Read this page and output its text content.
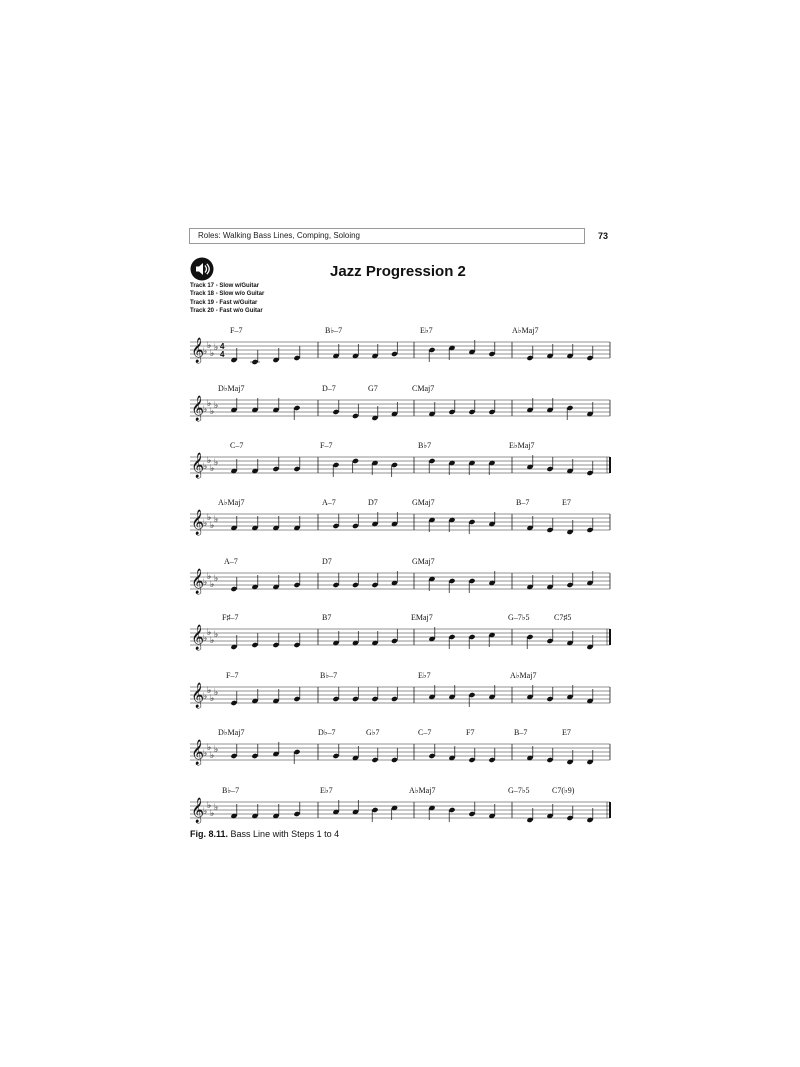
Roles: Walking Bass Lines, Comping, Soloing	73
Jazz Progression 2
Track 17 - Slow w/Guitar
Track 18 - Slow w/o Guitar
Track 19 - Fast w/Guitar
Track 20 - Fast w/o Guitar
𝄞
♭
♭
♭
♭ 4
4
F–7	B♭–7	E♭7	A♭Maj7
𝄞
♭
♭
♭
♭
D♭Maj7	D–7	G7	CMaj7
𝄞
♭
♭
♭
♭
C–7	F–7	B♭7	E♭Maj7
𝄞
♭
♭
♭
♭
A♭Maj7	A–7	D7	GMaj7	B–7	E7
𝄞
♭
♭
♭
♭
A–7	D7	GMaj7
𝄞
♭
♭
♭
♭
F♯–7	B7	EMaj7	G–7♭5	C7♯5
𝄞
♭
♭
♭
♭
F–7	B♭–7	E♭7	A♭Maj7
𝄞
♭
♭
♭
♭
D♭Maj7	D♭–7	G♭7	C–7	F7	B–7	E7
𝄞
♭
♭
♭
♭
B♭–7	E♭7	A♭Maj7	G–7♭5	C7(♭9)
Fig. 8.11. Bass Line with Steps 1 to 4
